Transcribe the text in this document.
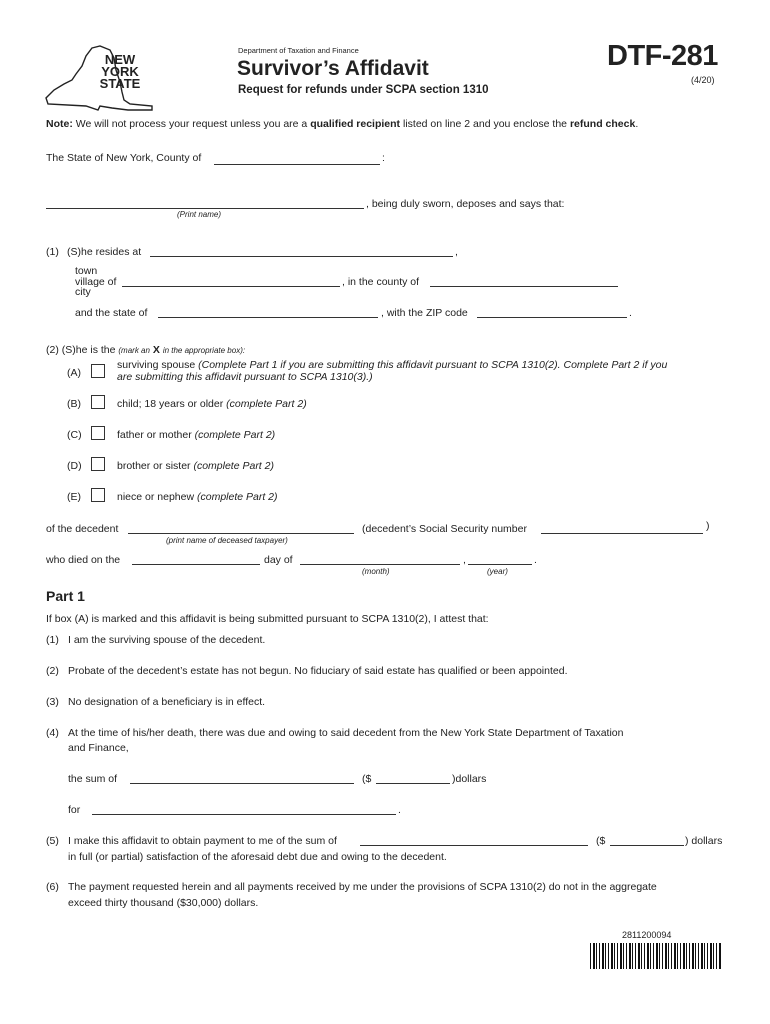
NEW
YORK
STATE
Department of Taxation and Finance
Survivor’s Affidavit
Request for refunds under SCPA section 1310
DTF-281
(4/20)
Note: We will not process your request unless you are a qualified recipient listed on line 2 and you enclose the refund check.
The State of New York, County of	:
, being duly sworn, deposes and says that:
(Print name)
(1) (S)he resides at	,
town
village of
city
, in the county of
and the state of	, with the ZIP code	.
(2) (S)he is the (mark an X in the appropriate box):
(A)
surviving spouse (Complete Part 1 if you are submitting this affidavit pursuant to SCPA 1310(2). Complete Part 2 if you
are submitting this affidavit pursuant to SCPA 1310(3).)
(B)	child; 18 years or older (complete Part 2)
(C)	father or mother (complete Part 2)
(D)	brother or sister (complete Part 2)
(E)	niece or nephew (complete Part 2)
of the decedent	(decedent’s Social Security number	)
(print name of deceased taxpayer)
who died on the	day of	,	.
(month)	(year)
Part 1
If box (A) is marked and this affidavit is being submitted pursuant to SCPA 1310(2), I attest that:
(1) I am the surviving spouse of the decedent.
(2) Probate of the decedent’s estate has not begun. No fiduciary of said estate has qualified or been appointed.
(3) No designation of a beneficiary is in effect.
(4) At the time of his/her death, there was due and owing to said decedent from the New York State Department of Taxation
and Finance,
the sum of	($	)dollars
for	.
(5) I make this affidavit to obtain payment to me of the sum of	($	) dollars
in full (or partial) satisfaction of the aforesaid debt due and owing to the decedent.
(6) The payment requested herein and all payments received by me under the provisions of SCPA 1310(2) do not in the aggregate
exceed thirty thousand ($30,000) dollars.
2811200094
